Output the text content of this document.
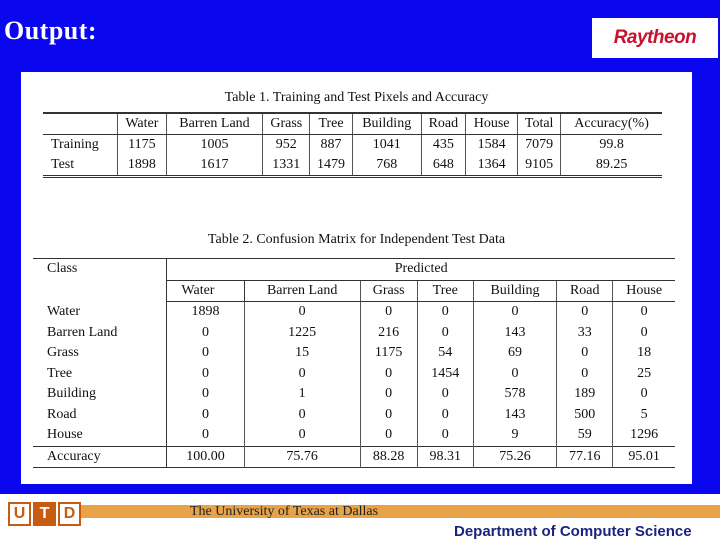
Output:	Raytheon
Table 1. Training and Test Pixels and Accuracy
	Water	Barren Land	Grass	Tree	Building	Road	House	Total	Accuracy(%)
Training	1175	1005	952	887	1041	435	1584	7079	99.8
Test	1898	1617	1331	1479	768	648	1364	9105	89.25
Table 2. Confusion Matrix for Independent Test Data
Class	Predicted						
	Water	Barren Land	Grass	Tree	Building	Road	House
Water	1898	0	0	0	0	0	0
Barren Land	0	1225	216	0	143	33	0
Grass	0	15	1175	54	69	0	18
Tree	0	0	0	1454	0	0	25
Building	0	1	0	0	578	189	0
Road	0	0	0	0	143	500	5
House	0	0	0	0	9	59	1296
Accuracy	100.00	75.76	88.28	98.31	75.26	77.16	95.01
U T D	The University of Texas at Dallas
Department of Computer Science
